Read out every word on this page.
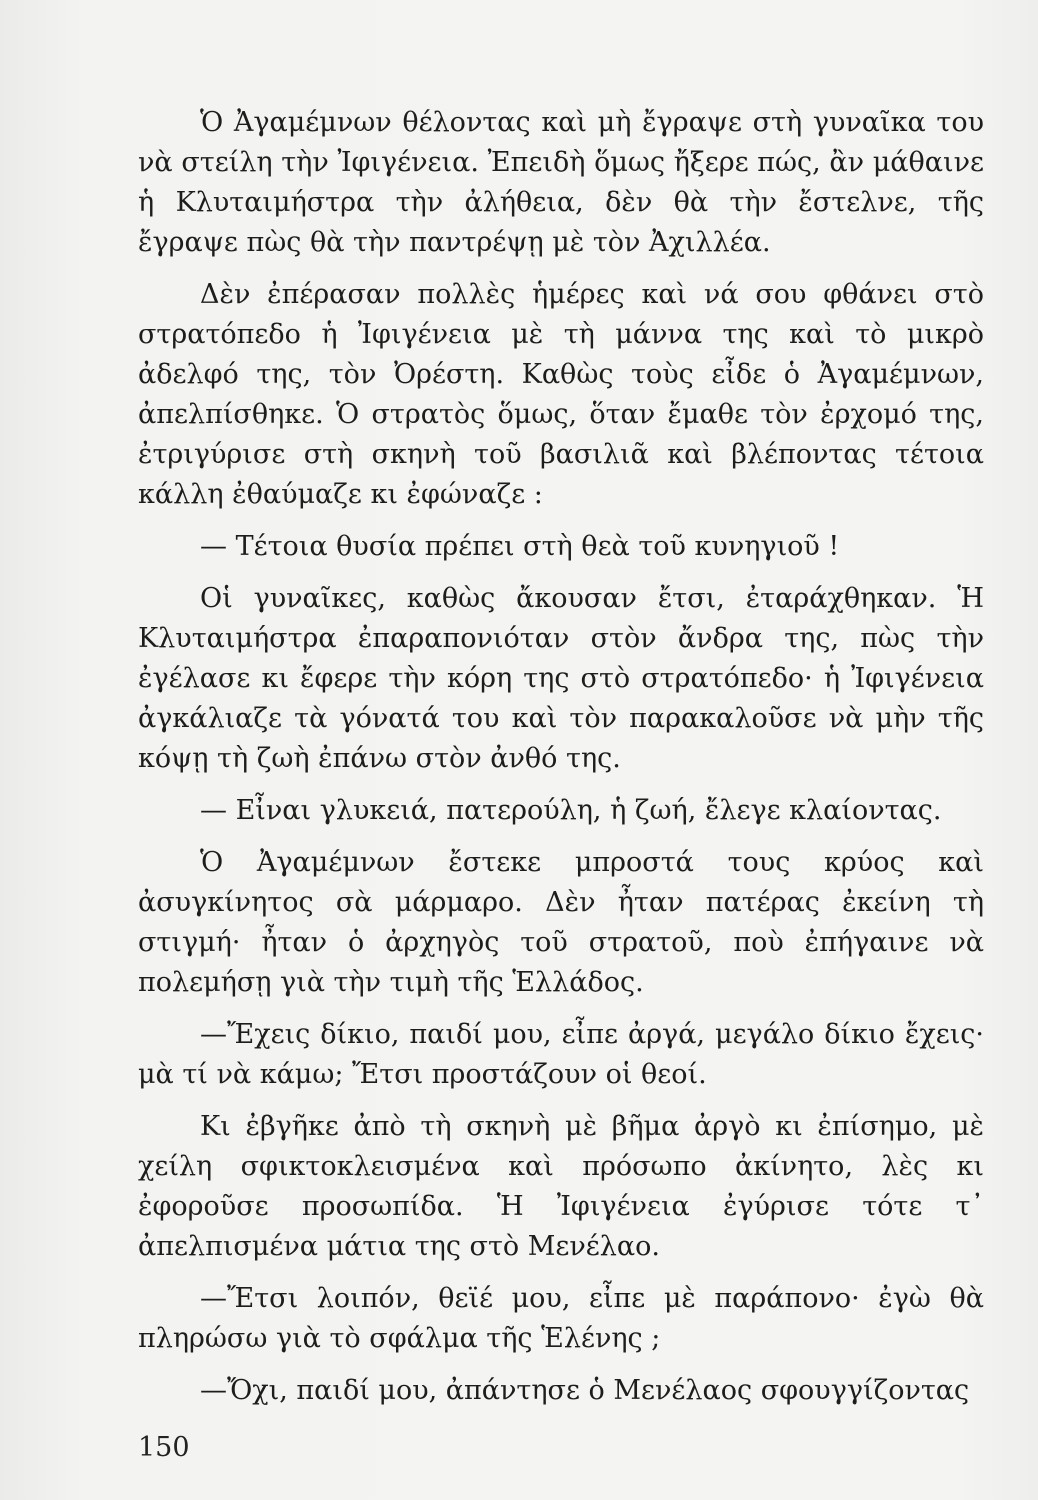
Ὁ Ἀγαμέμνων θέλοντας καὶ μὴ ἔγραψε στὴ γυναῖκα του νὰ στείλη τὴν Ἰφιγένεια. Ἐπειδὴ ὅμως ἤξερε πώς, ἂν μάθαινε ἡ Κλυταιμήστρα τὴν ἀλήθεια, δὲν θὰ τὴν ἔστελνε, τῆς ἔγραψε πὼς θὰ τὴν παντρέψῃ μὲ τὸν Ἀχιλλέα.

Δὲν ἐπέρασαν πολλὲς ἡμέρες καὶ νά σου φθάνει στὸ στρατόπεδο ἡ Ἰφιγένεια μὲ τὴ μάννα της καὶ τὸ μικρὸ ἀδελφό της, τὸν Ὀρέστη. Καθὼς τοὺς εἶδε ὁ Ἀγαμέμνων, ἀπελπίσθηκε. Ὁ στρατὸς ὅμως, ὅταν ἔμαθε τὸν ἐρχομό της, ἐτριγύρισε στὴ σκηνὴ τοῦ βασιλιᾶ καὶ βλέποντας τέτοια κάλλη ἐθαύμαζε κι ἐφώναζε :

— Τέτοια θυσία πρέπει στὴ θεὰ τοῦ κυνηγιοῦ !

Οἱ γυναῖκες, καθὼς ἄκουσαν ἔτσι, ἐταράχθηκαν. Ἡ Κλυταιμήστρα ἐπαραπονιόταν στὸν ἄνδρα της, πὼς τὴν ἐγέλασε κι ἔφερε τὴν κόρη της στὸ στρατόπεδο· ἡ Ἰφιγένεια ἀγκάλιαζε τὰ γόνατά του καὶ τὸν παρακαλοῦσε νὰ μὴν τῆς κόψῃ τὴ ζωὴ ἐπάνω στὸν ἀνθό της.

— Εἶναι γλυκειά, πατερούλη, ἡ ζωή, ἔλεγε κλαίοντας.

Ὁ Ἀγαμέμνων ἔστεκε μπροστά τους κρύος καὶ ἀσυγκίνητος σὰ μάρμαρο. Δὲν ἦταν πατέρας ἐκείνη τὴ στιγμή· ἦταν ὁ ἀρχηγὸς τοῦ στρατοῦ, ποὺ ἐπήγαινε νὰ πολεμήσῃ γιὰ τὴν τιμὴ τῆς Ἑλλάδος.

—Ἔχεις δίκιο, παιδί μου, εἶπε ἀργά, μεγάλο δίκιο ἔχεις· μὰ τί νὰ κάμω; Ἔτσι προστάζουν οἱ θεοί.

Κι ἐβγῆκε ἀπὸ τὴ σκηνὴ μὲ βῆμα ἀργὸ κι ἐπίσημο, μὲ χείλη σφικτοκλεισμένα καὶ πρόσωπο ἀκίνητο, λὲς κι ἐφοροῦσε προσωπίδα. Ἡ Ἰφιγένεια ἐγύρισε τότε τ᾽ ἀπελπισμένα μάτια της στὸ Μενέλαο.

—Ἔτσι λοιπόν, θεϊέ μου, εἶπε μὲ παράπονο· ἐγὼ θὰ πληρώσω γιὰ τὸ σφάλμα τῆς Ἑλένης ;

—Ὄχι, παιδί μου, ἀπάντησε ὁ Μενέλαος σφουγγίζοντας

150
